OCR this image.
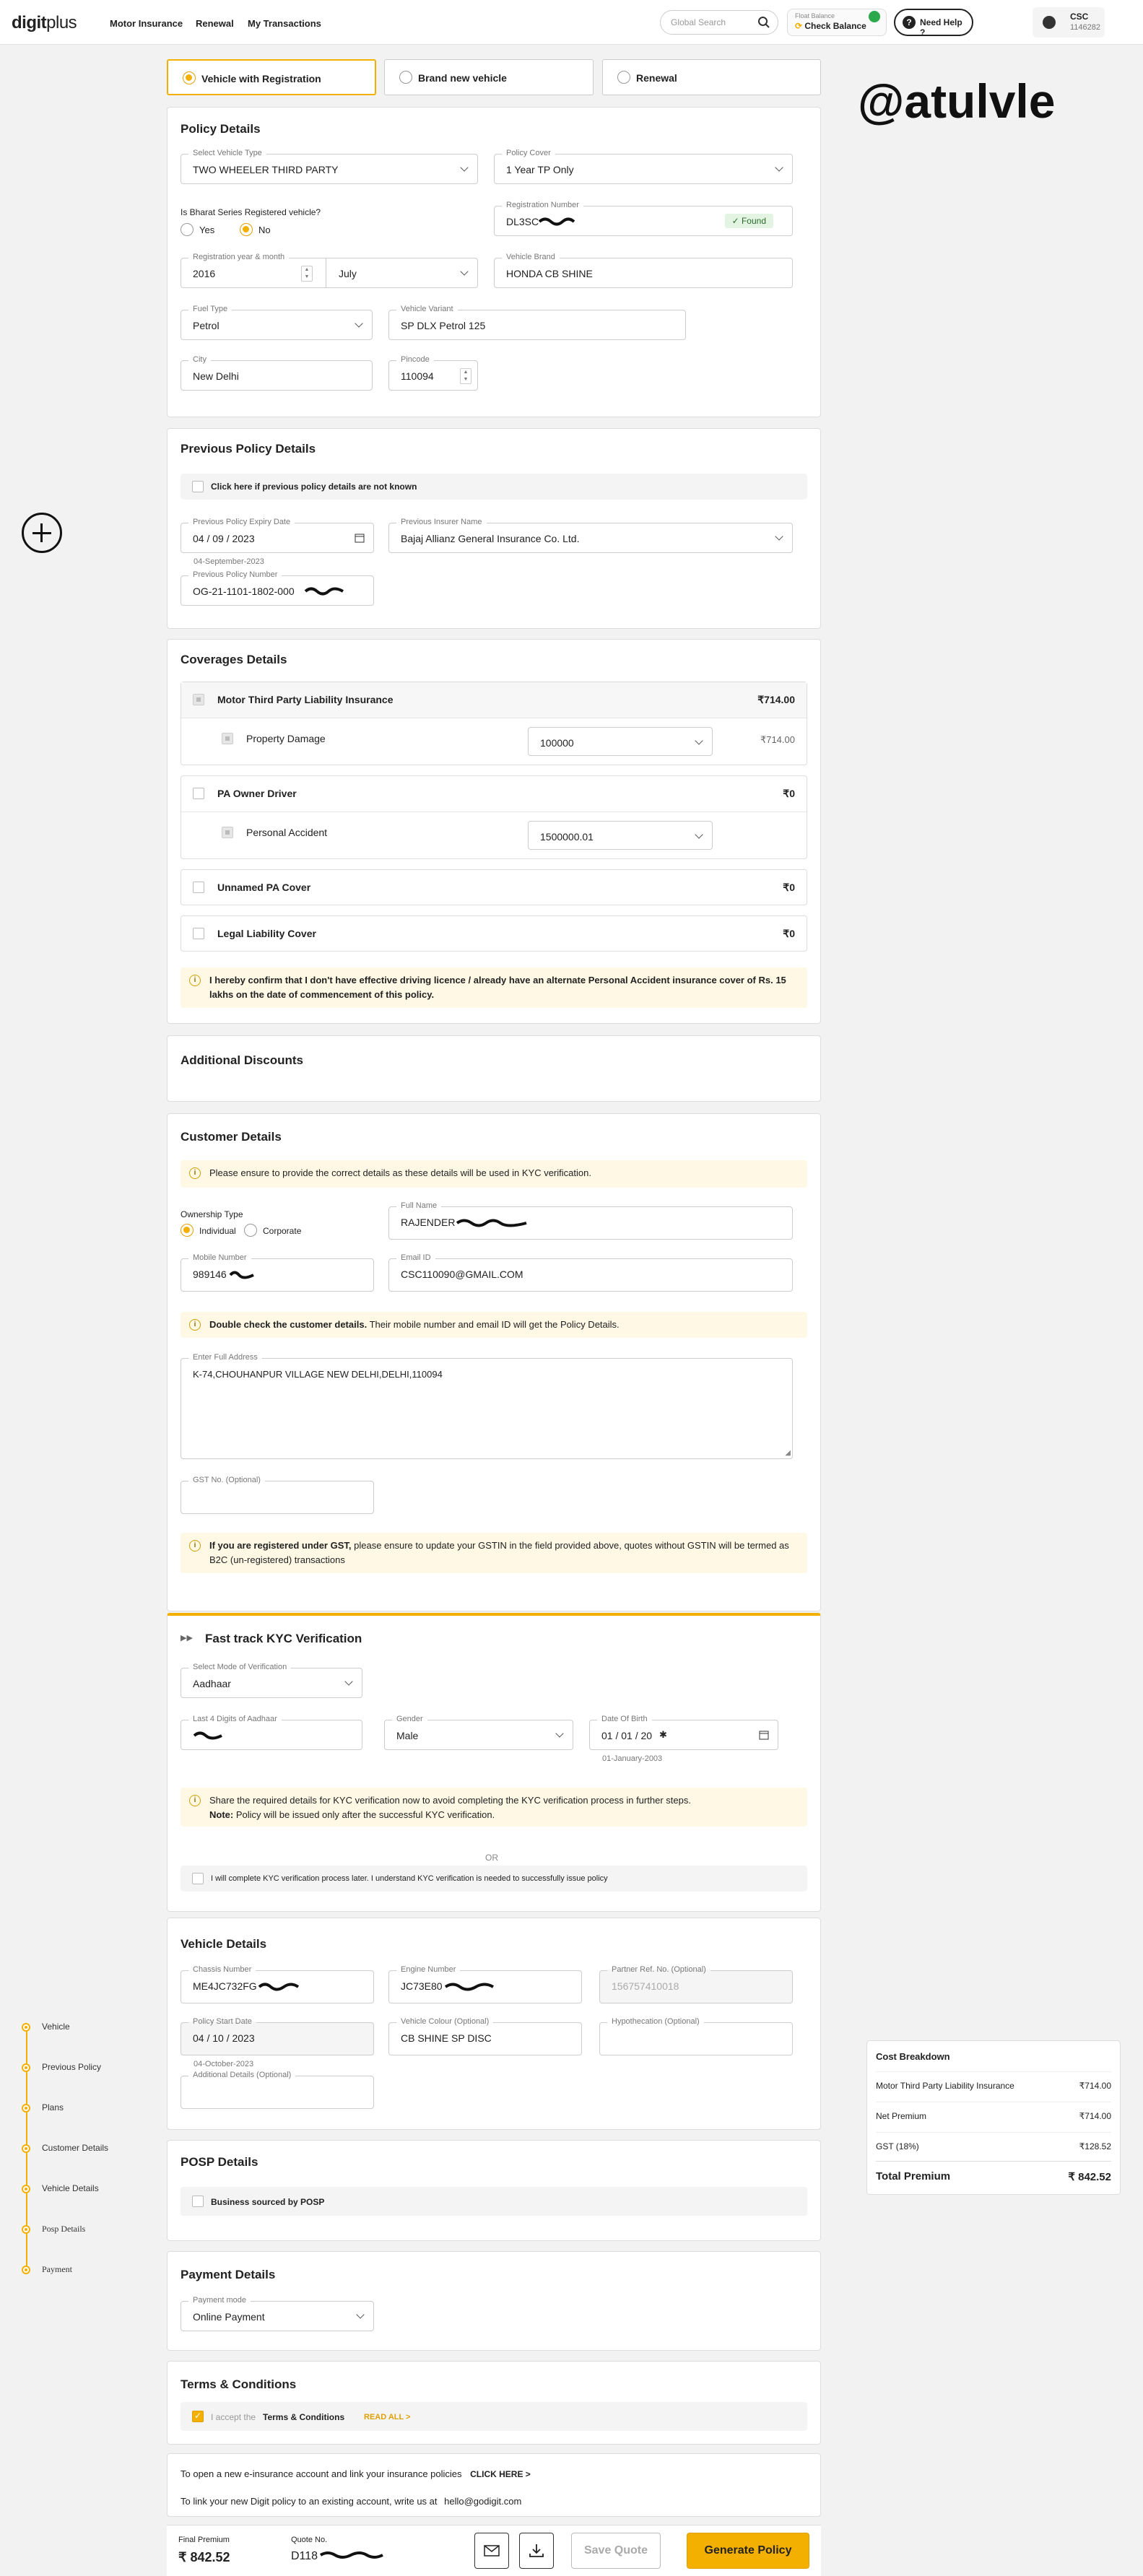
digitplus	Motor Insurance Renewal My Transactions	Global Search
Float Balance
⟳ Check Balance	? Need Help ?
CSC
1146282
@atulvle
Vehicle with Registration	Brand new vehicle	Renewal
Policy Details
Select Vehicle Type
TWO WHEELER THIRD PARTY
Policy Cover
1 Year TP Only
Is Bharat Series Registered vehicle?
Yes	No
Registration Number
DL3SC
✓	Found
Registration year & month
2016	▲
▼	July
Vehicle Brand
HONDA CB SHINE
Fuel Type
Petrol
Vehicle Variant
SP DLX Petrol 125
City
New Delhi
Pincode
110094	▲
▼
Previous Policy Details
Click here if previous policy details are not known
Previous Policy Expiry Date
04 / 09 / 2023
04-September-2023
Previous Insurer Name
Bajaj Allianz General Insurance Co. Ltd.
Previous Policy Number
OG-21-1101-1802-000
Coverages Details
Motor Third Party Liability Insurance	₹714.00
Property Damage	100000	₹714.00
PA Owner Driver	₹0
Personal Accident	1500000.01
Unnamed PA Cover	₹0
Legal Liability Cover	₹0
i	I hereby confirm that I don't have effective driving licence / already have an alternate Personal Accident insurance cover of Rs. 15 lakhs on the date of commencement of this policy.
Additional Discounts
Customer Details
i	Please ensure to provide the correct details as these details will be used in KYC verification.
Ownership Type
Individual	Corporate
Full Name
RAJENDER
Mobile Number
989146
Email ID
CSC110090@GMAIL.COM
i	Double check the customer details. Their mobile number and email ID will get the Policy Details.
Enter Full Address
K-74,CHOUHANPUR VILLAGE NEW DELHI,DELHI,110094
◢
GST No. (Optional)
i	If you are registered under GST, please ensure to update your GSTIN in the field provided above, quotes without GSTIN will be termed as B2C (un-registered) transactions
▶▶ Fast track KYC Verification
Select Mode of Verification
Aadhaar
Last 4 Digits of Aadhaar	Gender
Male
Date Of Birth
01 / 01 / 20 ✱
01-January-2003
i	Share the required details for KYC verification now to avoid completing the KYC verification process in further steps.
Note: Policy will be issued only after the successful KYC verification.
OR
I will complete KYC verification process later. I understand KYC verification is needed to successfully issue policy
Vehicle Details
Chassis Number
ME4JC732FG
Engine Number
JC73E80
Partner Ref. No. (Optional)
156757410018
Policy Start Date
04 / 10 / 2023
04-October-2023
Vehicle Colour (Optional)
CB SHINE SP DISC
Hypothecation (Optional)
Additional Details (Optional)
POSP Details
Business sourced by POSP
Payment Details
Payment mode
Online Payment
Terms & Conditions
✓
I accept the Terms & Conditions READ ALL >
To open a new e-insurance account and link your insurance policies CLICK HERE >
To link your new Digit policy to an existing account, write us at hello@godigit.com
Final Premium
₹ 842.52
Quote No.
D118	Save Quote	Generate Policy
Vehicle
Previous Policy
Plans
Customer Details
Vehicle Details
Posp Details
Payment
Cost Breakdown
Motor Third Party Liability Insurance	₹714.00
Net Premium	₹714.00
GST (18%)	₹128.52
Total Premium	₹ 842.52
